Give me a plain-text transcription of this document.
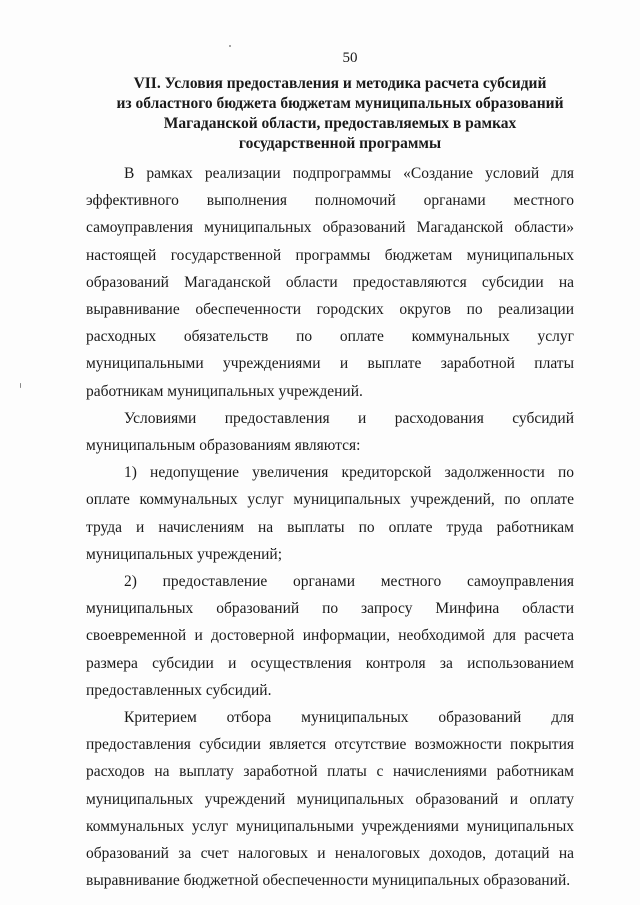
50
VII. Условия предоставления и методика расчета субсидий
из областного бюджета бюджетам муниципальных образований
Магаданской области, предоставляемых в рамках
государственной программы

В рамках реализации подпрограммы «Создание условий для эффективного выполнения полномочий органами местного самоуправления муниципальных образований Магаданской области» настоящей государственной программы бюджетам муниципальных образований Магаданской области предоставляются субсидии на выравнивание обеспеченности городских округов по реализации расходных обязательств по оплате коммунальных услуг муниципальными учреждениями и выплате заработной платы работникам муниципальных учреждений.

Условиями предоставления и расходования субсидий муниципальным образованиям являются:

1) недопущение увеличения кредиторской задолженности по оплате коммунальных услуг муниципальных учреждений, по оплате труда и начислениям на выплаты по оплате труда работникам муниципальных учреждений;

2) предоставление органами местного самоуправления муниципальных образований по запросу Минфина области своевременной и достоверной информации, необходимой для расчета размера субсидии и осуществления контроля за использованием предоставленных субсидий.

Критерием отбора муниципальных образований для предоставления субсидии является отсутствие возможности покрытия расходов на выплату заработной платы с начислениями работникам муниципальных учреждений муниципальных образований и оплату коммунальных услуг муниципальными учреждениями муниципальных образований за счет налоговых и неналоговых доходов, дотаций на выравнивание бюджетной обеспеченности муниципальных образований.
